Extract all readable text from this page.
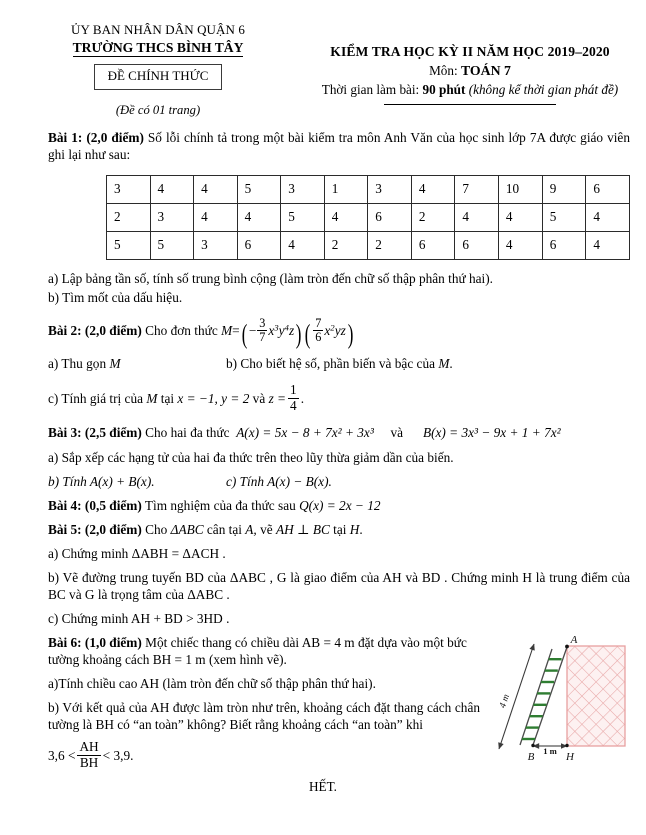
ỦY BAN NHÂN DÂN QUẬN 6
TRƯỜNG THCS BÌNH TÂY
ĐỀ CHÍNH THỨC
(Đề có 01 trang)
KIỂM TRA HỌC KỲ II NĂM HỌC 2019–2020
Môn: TOÁN 7
Thời gian làm bài: 90 phút (không kể thời gian phát đề)
Bài 1: (2,0 điểm) Số lỗi chính tả trong một bài kiểm tra môn Anh Văn của học sinh lớp 7A được giáo viên ghi lại như sau:
3	4	4	5	3	1	3	4	7	10	9	6
2	3	4	4	5	4	6	2	4	4	5	4
5	5	3	6	4	2	2	6	6	4	6	4
a) Lập bảng tần số, tính số trung bình cộng (làm tròn đến chữ số thập phân thứ hai).
b) Tìm mốt của dấu hiệu.
Bài 2: (2,0 điểm) Cho đơn thức $M=( - \frac{3}{7} x^3y^4z)$ ( $\frac{7}{6} x^2yz$)
a) Thu gọn M	b) Cho biết hệ số, phần biến và bậc của M.
c) Tính giá trị của M tại x = −1, y = 2 và $z = \frac{1}{4}$ .
Bài 3: (2,5 điểm) Cho hai đa thức A(x) = 5x − 8 + 7x² + 3x³ và B(x) = 3x³ − 9x + 1 + 7x²
a) Sắp xếp các hạng tử của hai đa thức trên theo lũy thừa giảm dần của biến.
b) Tính A(x) + B(x).	c) Tính A(x) − B(x).
Bài 4: (0,5 điểm) Tìm nghiệm của đa thức sau Q(x) = 2x − 12
Bài 5: (2,0 điểm) Cho ΔABC cân tại A, vẽ AH ⊥ BC tại H.
a) Chứng minh ΔABH = ΔACH .
b) Vẽ đường trung tuyến BD của ΔABC , G là giao điểm của AH và BD . Chứng minh H là trung điểm của BC và G là trọng tâm của ΔABC .
c) Chứng minh AH + BD > 3HD .
Bài 6: (1,0 điểm) Một chiếc thang có chiều dài AB = 4 m đặt dựa vào một bức tường khoảng cách BH = 1 m (xem hình vẽ).
a)Tính chiều cao AH (làm tròn đến chữ số thập phân thứ hai).
b) Với kết quả của AH được làm tròn như trên, khoảng cách đặt thang cách chân tường là BH có “an toàn” không? Biết rằng khoảng cách “an toàn” khi
$3,6 < \frac{AH}{BH} < 3,9$.
4 m
1 m
A
B	H
HẾT.
